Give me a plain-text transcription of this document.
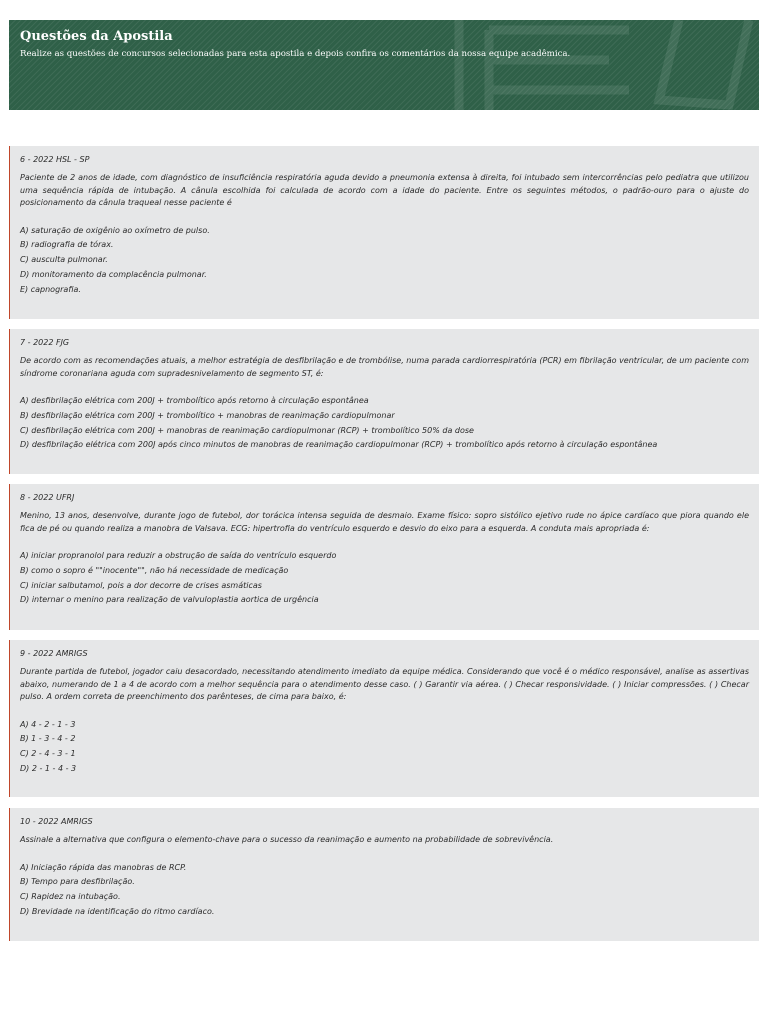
Questões da Apostila
Realize as questões de concursos selecionadas para esta apostila e depois confira os comentários da nossa equipe acadêmica.
6 - 2022 HSL - SP
Paciente de 2 anos de idade, com diagnóstico de insuficiência respiratória aguda devido a pneumonia extensa à direita, foi intubado sem intercorrências pelo pediatra que utilizou uma sequência rápida de intubação. A cânula escolhida foi calculada de acordo com a idade do paciente. Entre os seguintes métodos, o padrão-ouro para o ajuste do posicionamento da cânula traqueal nesse paciente é
A) saturação de oxigênio ao oxímetro de pulso.
B) radiografia de tórax.
C) ausculta pulmonar.
D) monitoramento da complacência pulmonar.
E) capnografia.
7 - 2022 FJG
De acordo com as recomendações atuais, a melhor estratégia de desfibrilação e de trombólise, numa parada cardiorrespiratória (PCR) em fibrilação ventricular, de um paciente com síndrome coronariana aguda com supradesnivelamento de segmento ST, é:
A) desfibrilação elétrica com 200J + trombolítico após retorno à circulação espontânea
B) desfibrilação elétrica com 200J + trombolítico + manobras de reanimação cardiopulmonar
C) desfibrilação elétrica com 200J + manobras de reanimação cardiopulmonar (RCP) + trombolítico 50% da dose
D) desfibrilação elétrica com 200J após cinco minutos de manobras de reanimação cardiopulmonar (RCP) + trombolítico após retorno à circulação espontânea
8 - 2022 UFRJ
Menino, 13 anos, desenvolve, durante jogo de futebol, dor torácica intensa seguida de desmaio. Exame físico: sopro sistólico ejetivo rude no ápice cardíaco que piora quando ele fica de pé ou quando realiza a manobra de Valsava. ECG: hipertrofia do ventrículo esquerdo e desvio do eixo para a esquerda. A conduta mais apropriada é:
A) iniciar propranolol para reduzir a obstrução de saída do ventrículo esquerdo
B) como o sopro é ""inocente"", não há necessidade de medicação
C) iniciar salbutamol, pois a dor decorre de crises asmáticas
D) internar o menino para realização de valvuloplastia aortica de urgência
9 - 2022 AMRIGS
Durante partida de futebol, jogador caiu desacordado, necessitando atendimento imediato da equipe médica. Considerando que você é o médico responsável, analise as assertivas abaixo, numerando de 1 a 4 de acordo com a melhor sequência para o atendimento desse caso. ( ) Garantir via aérea. ( ) Checar responsividade. ( ) Iniciar compressões. ( ) Checar pulso. A ordem correta de preenchimento dos parênteses, de cima para baixo, é:
A) 4 - 2 - 1 - 3
B) 1 - 3 - 4 - 2
C) 2 - 4 - 3 - 1
D) 2 - 1 - 4 - 3
10 - 2022 AMRIGS
Assinale a alternativa que configura o elemento-chave para o sucesso da reanimação e aumento na probabilidade de sobrevivência.
A) Iniciação rápida das manobras de RCP.
B) Tempo para desfibrilação.
C) Rapidez na intubação.
D) Brevidade na identificação do ritmo cardíaco.
